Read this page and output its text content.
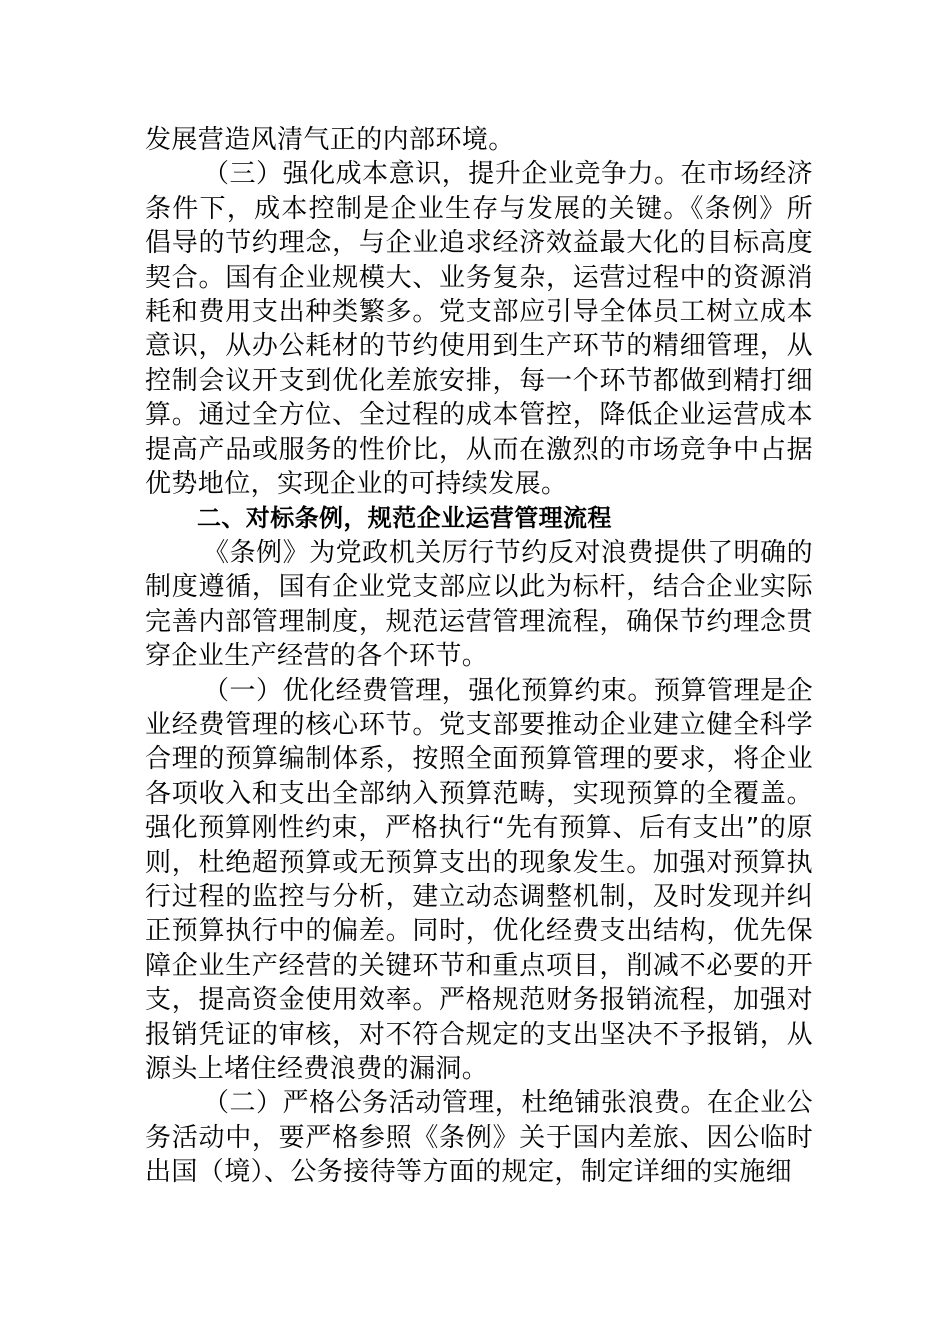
发展营造风清气正的内部环境。

（三）强化成本意识，提升企业竞争力。在市场经济条件下，成本控制是企业生存与发展的关键。《条例》所倡导的节约理念，与企业追求经济效益最大化的目标高度契合。国有企业规模大、业务复杂，运营过程中的资源消耗和费用支出种类繁多。党支部应引导全体员工树立成本意识，从办公耗材的节约使用到生产环节的精细管理，从控制会议开支到优化差旅安排，每一个环节都做到精打细算。通过全方位、全过程的成本管控，降低企业运营成本提高产品或服务的性价比，从而在激烈的市场竞争中占据优势地位，实现企业的可持续发展。

二、对标条例，规范企业运营管理流程

《条例》为党政机关厉行节约反对浪费提供了明确的制度遵循，国有企业党支部应以此为标杆，结合企业实际完善内部管理制度，规范运营管理流程，确保节约理念贯穿企业生产经营的各个环节。

（一）优化经费管理，强化预算约束。预算管理是企业经费管理的核心环节。党支部要推动企业建立健全科学合理的预算编制体系，按照全面预算管理的要求，将企业各项收入和支出全部纳入预算范畴，实现预算的全覆盖。强化预算刚性约束，严格执行“先有预算、后有支出”的原则，杜绝超预算或无预算支出的现象发生。加强对预算执行过程的监控与分析，建立动态调整机制，及时发现并纠正预算执行中的偏差。同时，优化经费支出结构，优先保障企业生产经营的关键环节和重点项目，削减不必要的开支，提高资金使用效率。严格规范财务报销流程，加强对报销凭证的审核，对不符合规定的支出坚决不予报销，从源头上堵住经费浪费的漏洞。

（二）严格公务活动管理，杜绝铺张浪费。在企业公务活动中，要严格参照《条例》关于国内差旅、因公临时出国（境）、公务接待等方面的规定，制定详细的实施细
